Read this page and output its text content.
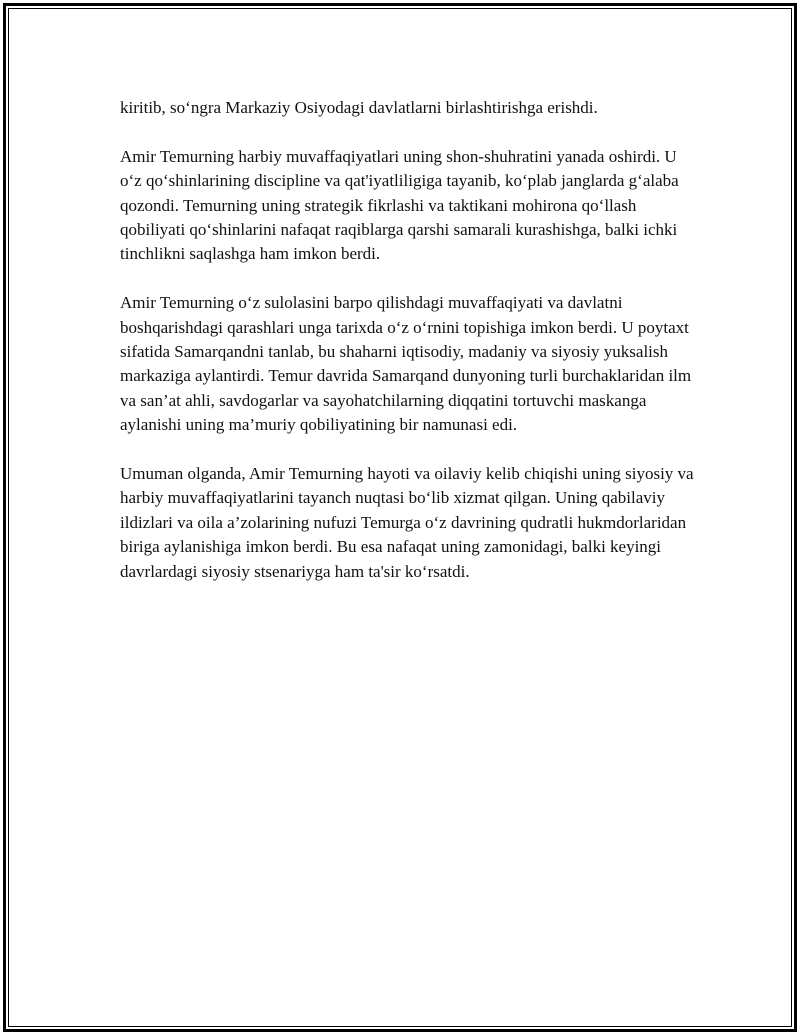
kiritib, so‘ngra Markaziy Osiyodagi davlatlarni birlashtirishga erishdi.

Amir Temurning harbiy muvaffaqiyatlari uning shon-shuhratini yanada oshirdi. U o‘z qo‘shinlarining discipline va qat'iyatliligiga tayanib, ko‘plab janglarda g‘alaba qozondi. Temurning uning strategik fikrlashi va taktikani mohirona qo‘llash qobiliyati qo‘shinlarini nafaqat raqiblarga qarshi samarali kurashishga, balki ichki tinchlikni saqlashga ham imkon berdi.

Amir Temurning o‘z sulolasini barpo qilishdagi muvaffaqiyati va davlatni boshqarishdagi qarashlari unga tarixda o‘z o‘rnini topishiga imkon berdi. U poytaxt sifatida Samarqandni tanlab, bu shaharni iqtisodiy, madaniy va siyosiy yuksalish markaziga aylantirdi. Temur davrida Samarqand dunyoning turli burchaklaridan ilm va san’at ahli, savdogarlar va sayohatchilarning diqqatini tortuvchi maskanga aylanishi uning ma’muriy qobiliyatining bir namunasi edi.

Umuman olganda, Amir Temurning hayoti va oilaviy kelib chiqishi uning siyosiy va harbiy muvaffaqiyatlarini tayanch nuqtasi bo‘lib xizmat qilgan. Uning qabilaviy ildizlari va oila a’zolarining nufuzi Temurga o‘z davrining qudratli hukmdorlaridan biriga aylanishiga imkon berdi. Bu esa nafaqat uning zamonidagi, balki keyingi davrlardagi siyosiy stsenariyga ham ta'sir ko‘rsatdi.
